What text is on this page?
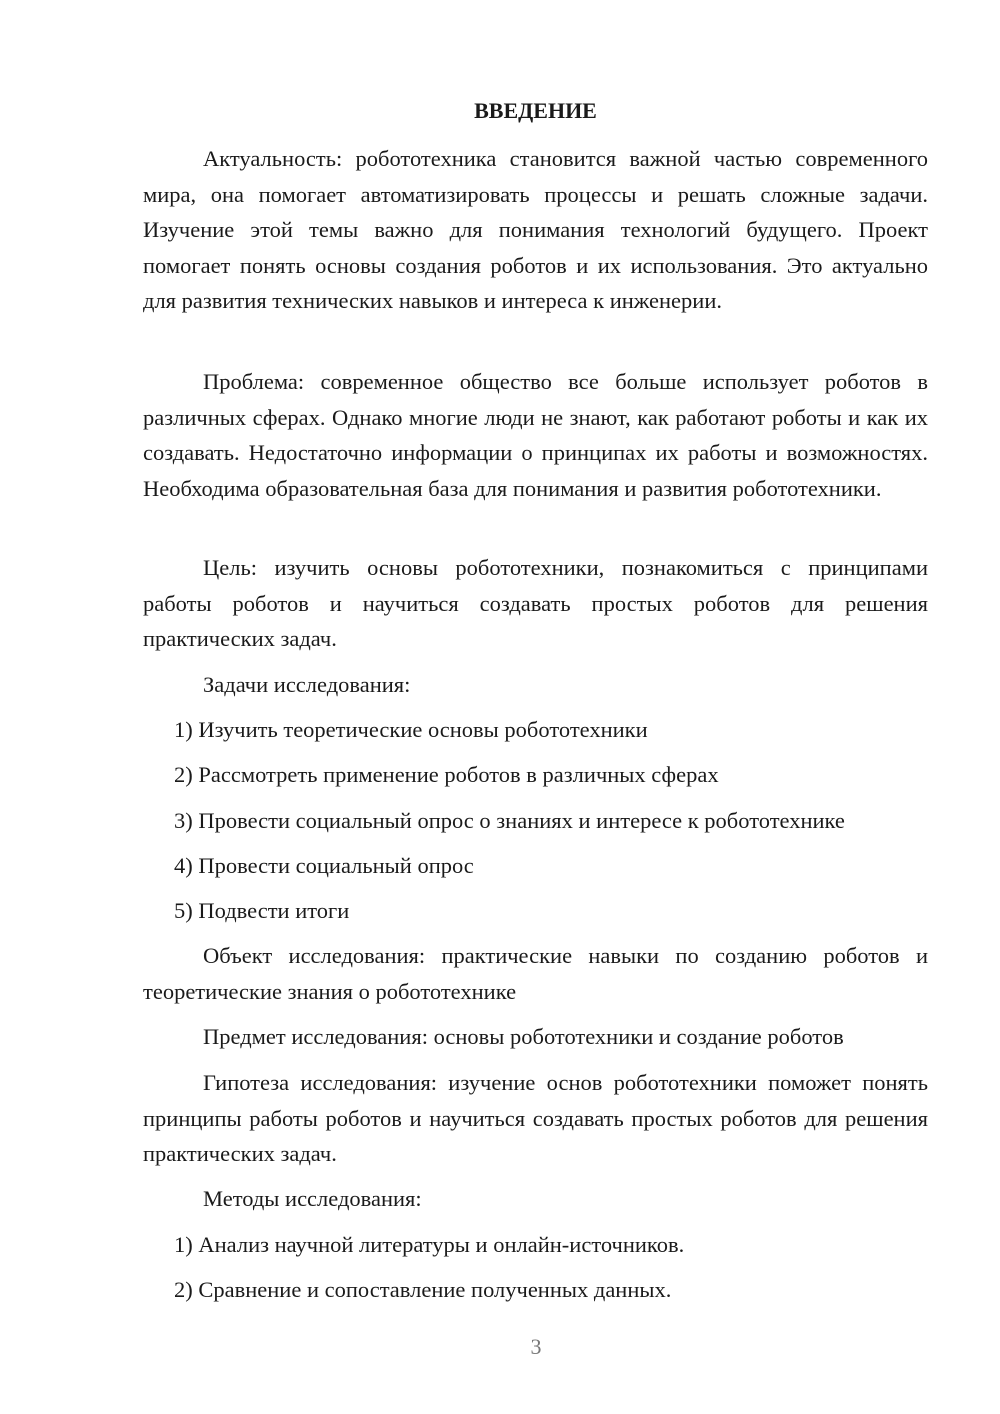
ВВЕДЕНИЕ

Актуальность: робототехника становится важной частью современного мира, она помогает автоматизировать процессы и решать сложные задачи. Изучение этой темы важно для понимания технологий будущего. Проект помогает понять основы создания роботов и их использования. Это актуально для развития технических навыков и интереса к инженерии.

Проблема: современное общество все больше использует роботов в различных сферах. Однако многие люди не знают, как работают роботы и как их создавать. Недостаточно информации о принципах их работы и возможностях. Необходима образовательная база для понимания и развития робототехники.

Цель: изучить основы робототехники, познакомиться с принципами работы роботов и научиться создавать простых роботов для решения практических задач.

Задачи исследования:

1) Изучить теоретические основы робототехники

2) Рассмотреть применение роботов в различных сферах

3) Провести социальный опрос о знаниях и интересе к робототехнике

4) Провести социальный опрос

5) Подвести итоги

Объект исследования: практические навыки по созданию роботов и теоретические знания о робототехнике

Предмет исследования: основы робототехники и создание роботов

Гипотеза исследования: изучение основ робототехники поможет понять принципы работы роботов и научиться создавать простых роботов для решения практических задач.

Методы исследования:

1) Анализ научной литературы и онлайн-источников.

2) Сравнение и сопоставление полученных данных.

3
